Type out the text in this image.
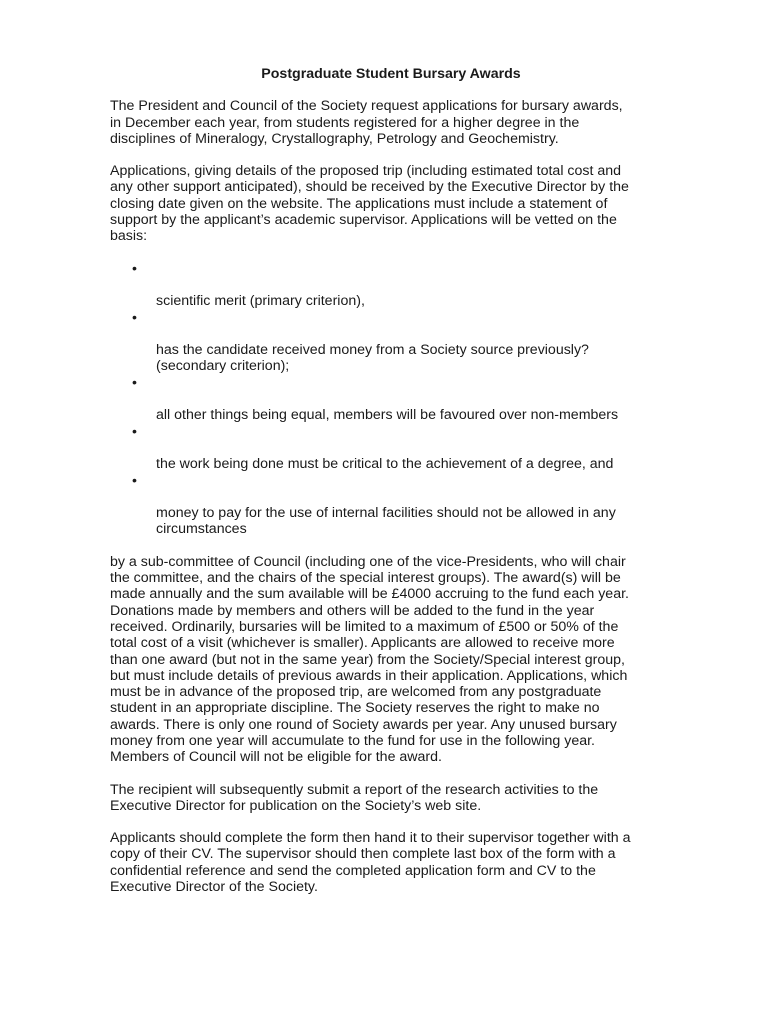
Postgraduate Student Bursary Awards

The President and Council of the Society request applications for bursary awards,
in December each year, from students registered for a higher degree in the
disciplines of Mineralogy, Crystallography, Petrology and Geochemistry.

Applications, giving details of the proposed trip (including estimated total cost and
any other support anticipated), should be received by the Executive Director by the
closing date given on the website. The applications must include a statement of
support by the applicant’s academic supervisor. Applications will be vetted on the
basis:

•

scientific merit (primary criterion),

•

has the candidate received money from a Society source previously?
(secondary criterion);

•

all other things being equal, members will be favoured over non-members

•

the work being done must be critical to the achievement of a degree, and

•

money to pay for the use of internal facilities should not be allowed in any
circumstances

by a sub-committee of Council (including one of the vice-Presidents, who will chair
the committee, and the chairs of the special interest groups). The award(s) will be
made annually and the sum available will be £4000 accruing to the fund each year.
Donations made by members and others will be added to the fund in the year
received. Ordinarily, bursaries will be limited to a maximum of £500 or 50% of the
total cost of a visit (whichever is smaller). Applicants are allowed to receive more
than one award (but not in the same year) from the Society/Special interest group,
but must include details of previous awards in their application. Applications, which
must be in advance of the proposed trip, are welcomed from any postgraduate
student in an appropriate discipline. The Society reserves the right to make no
awards. There is only one round of Society awards per year. Any unused bursary
money from one year will accumulate to the fund for use in the following year.
Members of Council will not be eligible for the award.

The recipient will subsequently submit a report of the research activities to the
Executive Director for publication on the Society’s web site.

Applicants should complete the form then hand it to their supervisor together with a
copy of their CV. The supervisor should then complete last box of the form with a
confidential reference and send the completed application form and CV to the
Executive Director of the Society.
